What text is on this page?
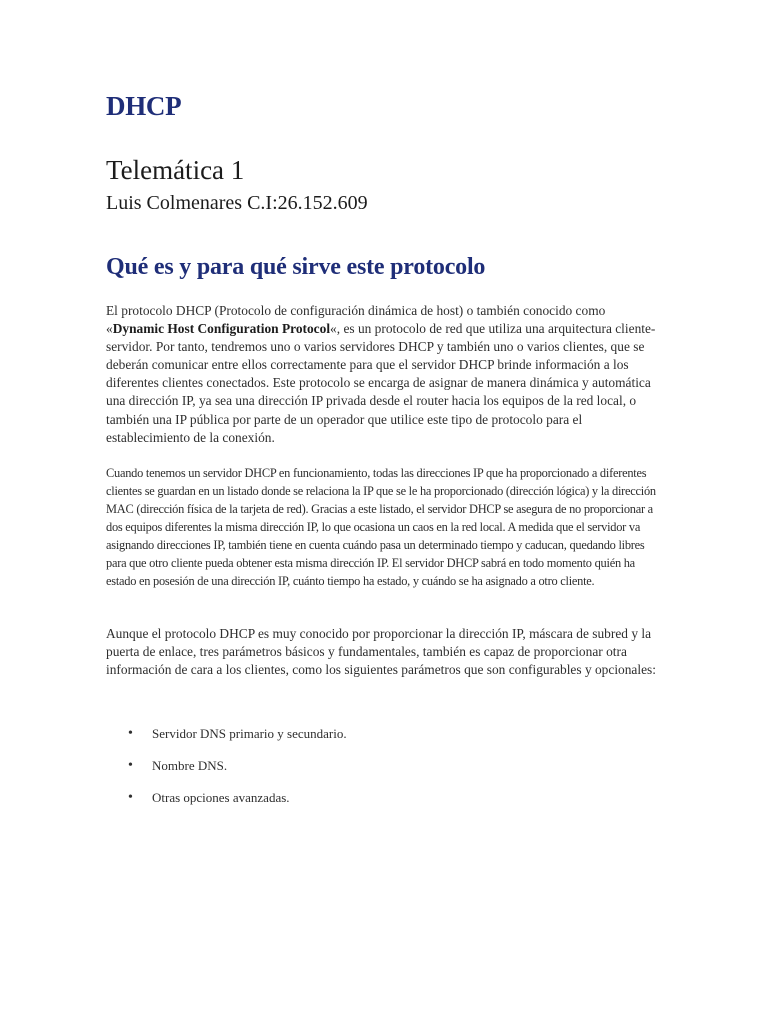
DHCP
Telemática 1
Luis Colmenares C.I:26.152.609
Qué es y para qué sirve este protocolo

El protocolo DHCP (Protocolo de configuración dinámica de host) o también conocido como «Dynamic Host Configuration Protocol«, es un protocolo de red que utiliza una arquitectura cliente-servidor. Por tanto, tendremos uno o varios servidores DHCP y también uno o varios clientes, que se deberán comunicar entre ellos correctamente para que el servidor DHCP brinde información a los diferentes clientes conectados. Este protocolo se encarga de asignar de manera dinámica y automática una dirección IP, ya sea una dirección IP privada desde el router hacia los equipos de la red local, o también una IP pública por parte de un operador que utilice este tipo de protocolo para el establecimiento de la conexión.

Cuando tenemos un servidor DHCP en funcionamiento, todas las direcciones IP que ha proporcionado a diferentes clientes se guardan en un listado donde se relaciona la IP que se le ha proporcionado (dirección lógica) y la dirección MAC (dirección física de la tarjeta de red). Gracias a este listado, el servidor DHCP se asegura de no proporcionar a dos equipos diferentes la misma dirección IP, lo que ocasiona un caos en la red local. A medida que el servidor va asignando direcciones IP, también tiene en cuenta cuándo pasa un determinado tiempo y caducan, quedando libres para que otro cliente pueda obtener esta misma dirección IP. El servidor DHCP sabrá en todo momento quién ha estado en posesión de una dirección IP, cuánto tiempo ha estado, y cuándo se ha asignado a otro cliente.

Aunque el protocolo DHCP es muy conocido por proporcionar la dirección IP, máscara de subred y la puerta de enlace, tres parámetros básicos y fundamentales, también es capaz de proporcionar otra información de cara a los clientes, como los siguientes parámetros que son configurables y opcionales:

• Servidor DNS primario y secundario.
• Nombre DNS.
• Otras opciones avanzadas.
